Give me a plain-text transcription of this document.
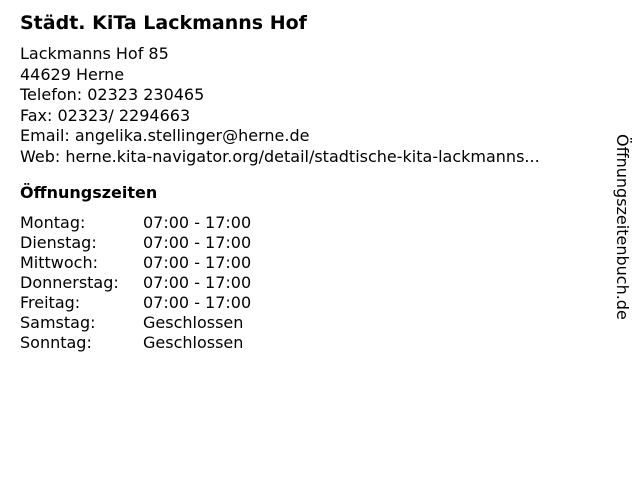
Städt. KiTa Lackmanns Hof
Lackmanns Hof 85
44629 Herne
Telefon: 02323 230465
Fax: 02323/ 2294663
Email: angelika.stellinger@herne.de
Web: herne.kita-navigator.org/detail/stadtische-kita-lackmanns...
Öffnungszeiten
Montag:	07:00 - 17:00
Dienstag:	07:00 - 17:00
Mittwoch:	07:00 - 17:00
Donnerstag:	07:00 - 17:00
Freitag:	07:00 - 17:00
Samstag:	Geschlossen
Sonntag:	Geschlossen
Öffnungszeitenbuch.de
